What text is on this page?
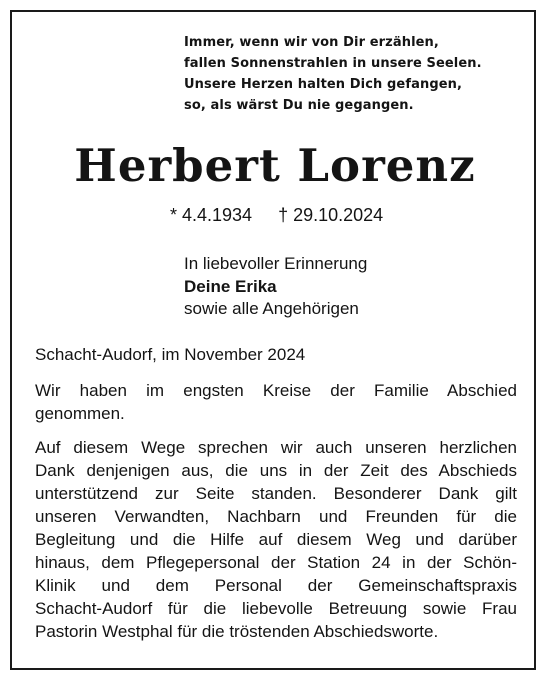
Immer, wenn wir von Dir erzählen,
fallen Sonnenstrahlen in unsere Seelen.
Unsere Herzen halten Dich gefangen,
so, als wärst Du nie gegangen.
Herbert Lorenz
* 4.4.1934 † 29.10.2024
In liebevoller Erinnerung
Deine Erika
sowie alle Angehörigen
Schacht-Audorf, im November 2024
Wir haben im engsten Kreise der Familie Abschied
genommen.
Auf diesem Wege sprechen wir auch unseren herzlichen
Dank denjenigen aus, die uns in der Zeit des Abschieds
unterstützend zur Seite standen. Besonderer Dank gilt
unseren Verwandten, Nachbarn und Freunden für die
Begleitung und die Hilfe auf diesem Weg und darüber
hinaus, dem Pflegepersonal der Station 24 in der Schön-
Klinik und dem Personal der Gemeinschaftspraxis
Schacht-Audorf für die liebevolle Betreuung sowie Frau
Pastorin Westphal für die tröstenden Abschiedsworte.
